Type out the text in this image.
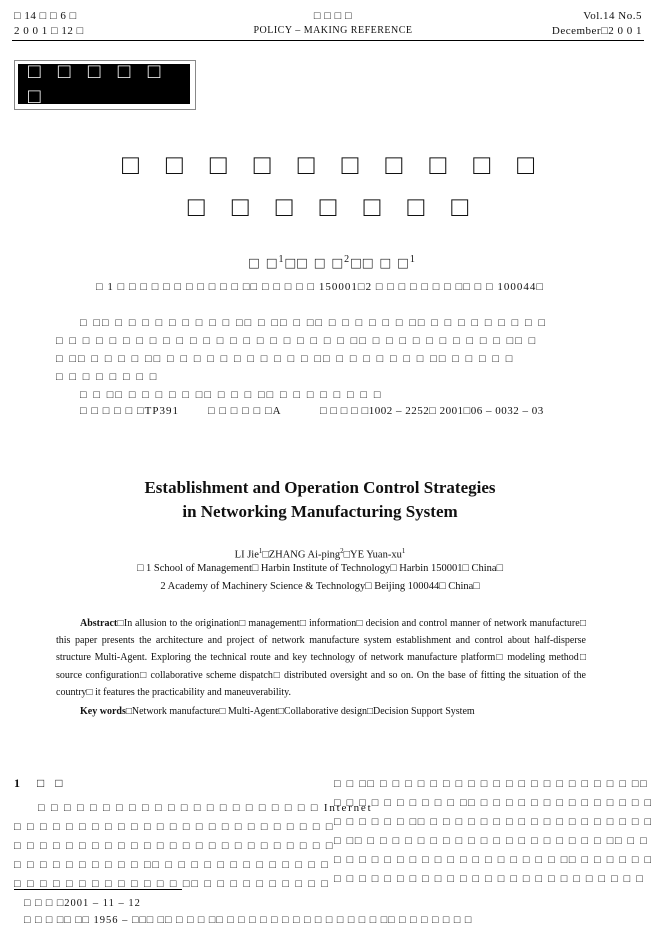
□ 14 □ □ 6 □
2 0 0 1 □ 12 □
□ □ □ □
POLICY – MAKING REFERENCE
Vol.14 No.5
December□2 0 0 1
□ □ □ □ □ □
□ □ □ □ □ □ □ □ □ □
□ □ □ □ □ □ □
□ □$^1$□□ □ □$^2$□□ □ □$^1$
□ 1 □ □ □ □ □ □ □ □ □ □ □ □□ □ □ □ □ □ 150001□2 □ □ □ □ □ □ □ □□ □ □ 100044□
□ □□ □ □ □ □ □ □ □ □ □ □□ □ □□ □ □□ □ □ □ □ □ □ □□ □ □ □ □ □ □ □ □ □
□ □ □ □ □ □ □ □ □ □ □ □ □ □ □ □ □ □ □ □ □ □ □□ □ □ □ □ □ □ □ □ □ □ □□ □
□ □□ □ □ □ □ □□ □ □ □ □ □ □ □ □ □ □ □ □□ □ □ □ □ □ □ □ □□ □ □ □ □ □
□ □ □ □ □ □ □ □
□ □ □□ □ □ □ □ □ □□ □ □ □ □□ □ □ □ □ □ □ □ □
□ □ □ □ □ □TP391	□ □ □ □ □ □A	□ □ □ □ □1002 – 2252□ 2001□06 – 0032 – 03
Establishment and Operation Control Strategies
in Networking Manufacturing System
LI Jie$^1$□ZHANG Ai-ping$^2$□YE Yuan-$xu^1$
□ 1 School of Management□ Harbin Institute of Technology□ Harbin 150001□ China□
2 Academy of Machinery Science & Technology□ Beijing 100044□ China□
Abstract□In allusion to the origination□ management□ information□ decision and control manner of network manufacture□ this paper presents the architecture and project of network manufacture system establishment and control about half-disperse structure Multi-Agent. Exploring the technical route and key technology of network manufacture platform□ modeling method□ source configuration□ collaborative scheme dispatch□ distributed oversight and so on. On the base of fitting the situation of the country□ it features the practicability and maneuverability.
Key words□Network manufacture□ Multi-Agent□Collaborative design□Decision Support System
1 □ □
□ □ □ □ □ □ □ □ □ □ □ □ □ □ □ □ □ □ □ □ □ □ Internet
□ □ □ □ □ □ □ □ □ □ □ □ □ □ □ □ □ □ □ □ □ □ □ □ □
□ □ □ □ □ □ □ □ □ □ □ □ □ □ □ □ □ □ □ □ □ □ □ □ □
□ □ □ □ □ □ □ □ □ □ □□ □ □ □ □ □ □ □ □ □ □ □ □ □
□ □ □ □ □ □ □ □ □ □ □ □ □ □□ □ □ □ □ □ □ □ □ □ □
□ □ □□ □ □ □ □ □ □ □ □ □ □ □ □ □ □ □ □ □ □ □ □ □□
□ □ □ □ □ □ □ □ □ □ □□ □ □ □ □ □ □ □ □ □ □ □ □ □ □
□ □ □ □ □ □ □□ □ □ □ □ □ □ □ □ □ □ □ □ □ □ □ □ □ □
□ □□ □ □ □ □ □ □ □ □ □ □ □ □ □ □ □ □ □ □ □ □□ □ □
□ □ □ □ □ □ □ □ □ □ □ □ □ □ □ □ □ □ □□ □ □ □ □ □ □
□ □ □ □ □ □ □ □ □ □ □ □ □ □ □ □ □ □ □ □ □ □ □ □ □
□ □ □ □2001 – 11 – 12
□ □ □ □□ □□ 1956 – □□□ □□ □ □ □ □□ □ □ □ □ □ □ □ □ □ □ □ □ □ □ □□ □ □ □ □ □ □ □
